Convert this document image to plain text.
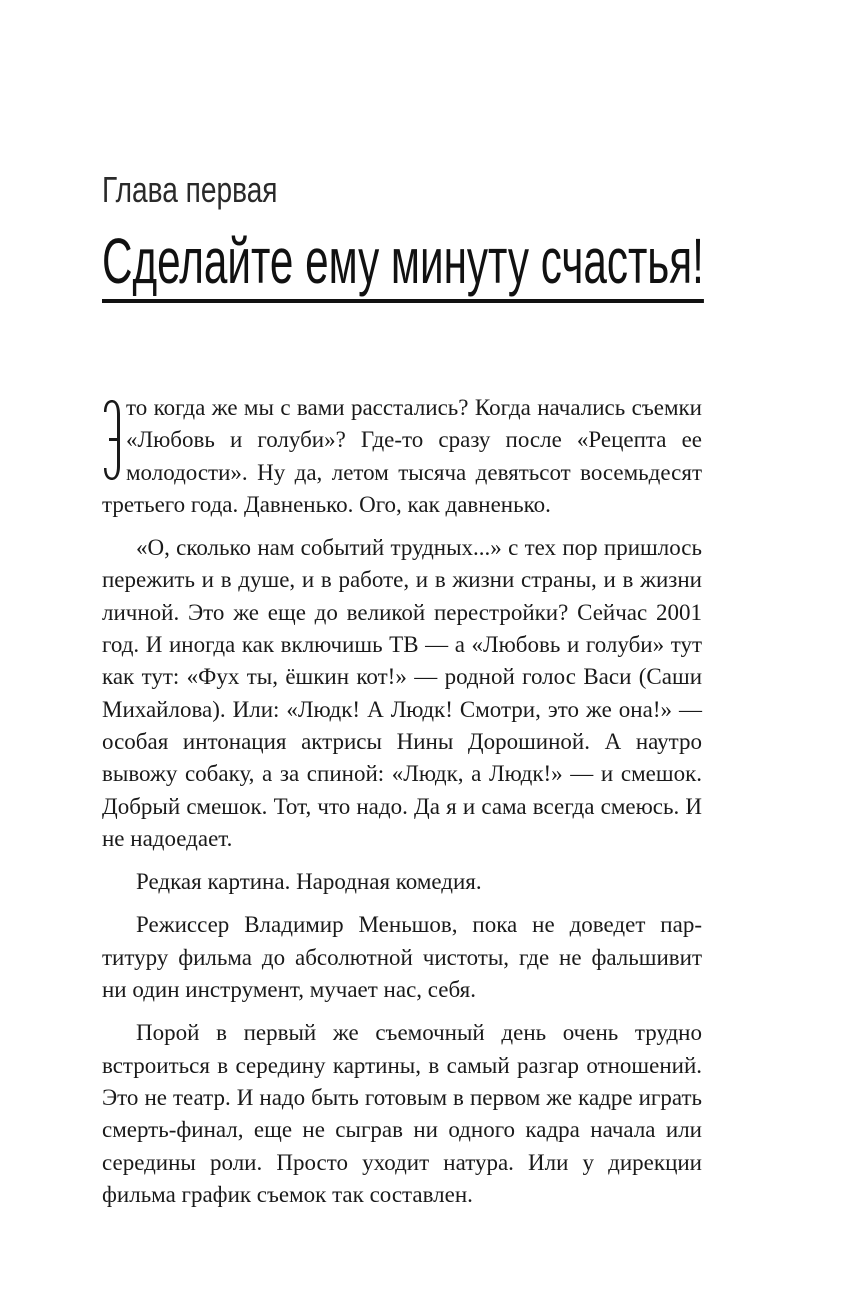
Глава первая
Сделайте ему минуту счастья!

то когда же мы с вами расстались? Когда начались съемки «Любовь и голуби»? Где-то сразу после «Рецепта ее молодости». Ну да, летом тысяча девятьсот восемьдесят третьего года. Давненько. Ого, как давненько.

«О, сколько нам событий трудных...» с тех пор пришлось пережить и в душе, и в работе, и в жизни страны, и в жизни личной. Это же еще до великой перестройки? Сейчас 2001 год. И иногда как включишь ТВ — а «Любовь и голуби» тут как тут: «Фух ты, ёшкин кот!» — родной голос Васи (Саши Михайлова). Или: «Людк! А Людк! Смотри, это же она!» — особая интонация актрисы Нины Дорошиной. А наутро вывожу собаку, а за спиной: «Людк, а Людк!» — и смешок. Добрый смешок. Тот, что надо. Да я и сама всегда смеюсь. И не надоедает.

Редкая картина. Народная комедия.

Режиссер Владимир Меньшов, пока не доведет партитуру фильма до абсолютной чистоты, где не фальшивит ни один инструмент, мучает нас, себя.

Порой в первый же съемочный день очень трудно встроиться в середину картины, в самый разгар отношений. Это не театр. И надо быть готовым в первом же кадре играть смерть-финал, еще не сыграв ни одного кадра начала или середины роли. Просто уходит натура. Или у дирекции фильма график съемок так составлен.
